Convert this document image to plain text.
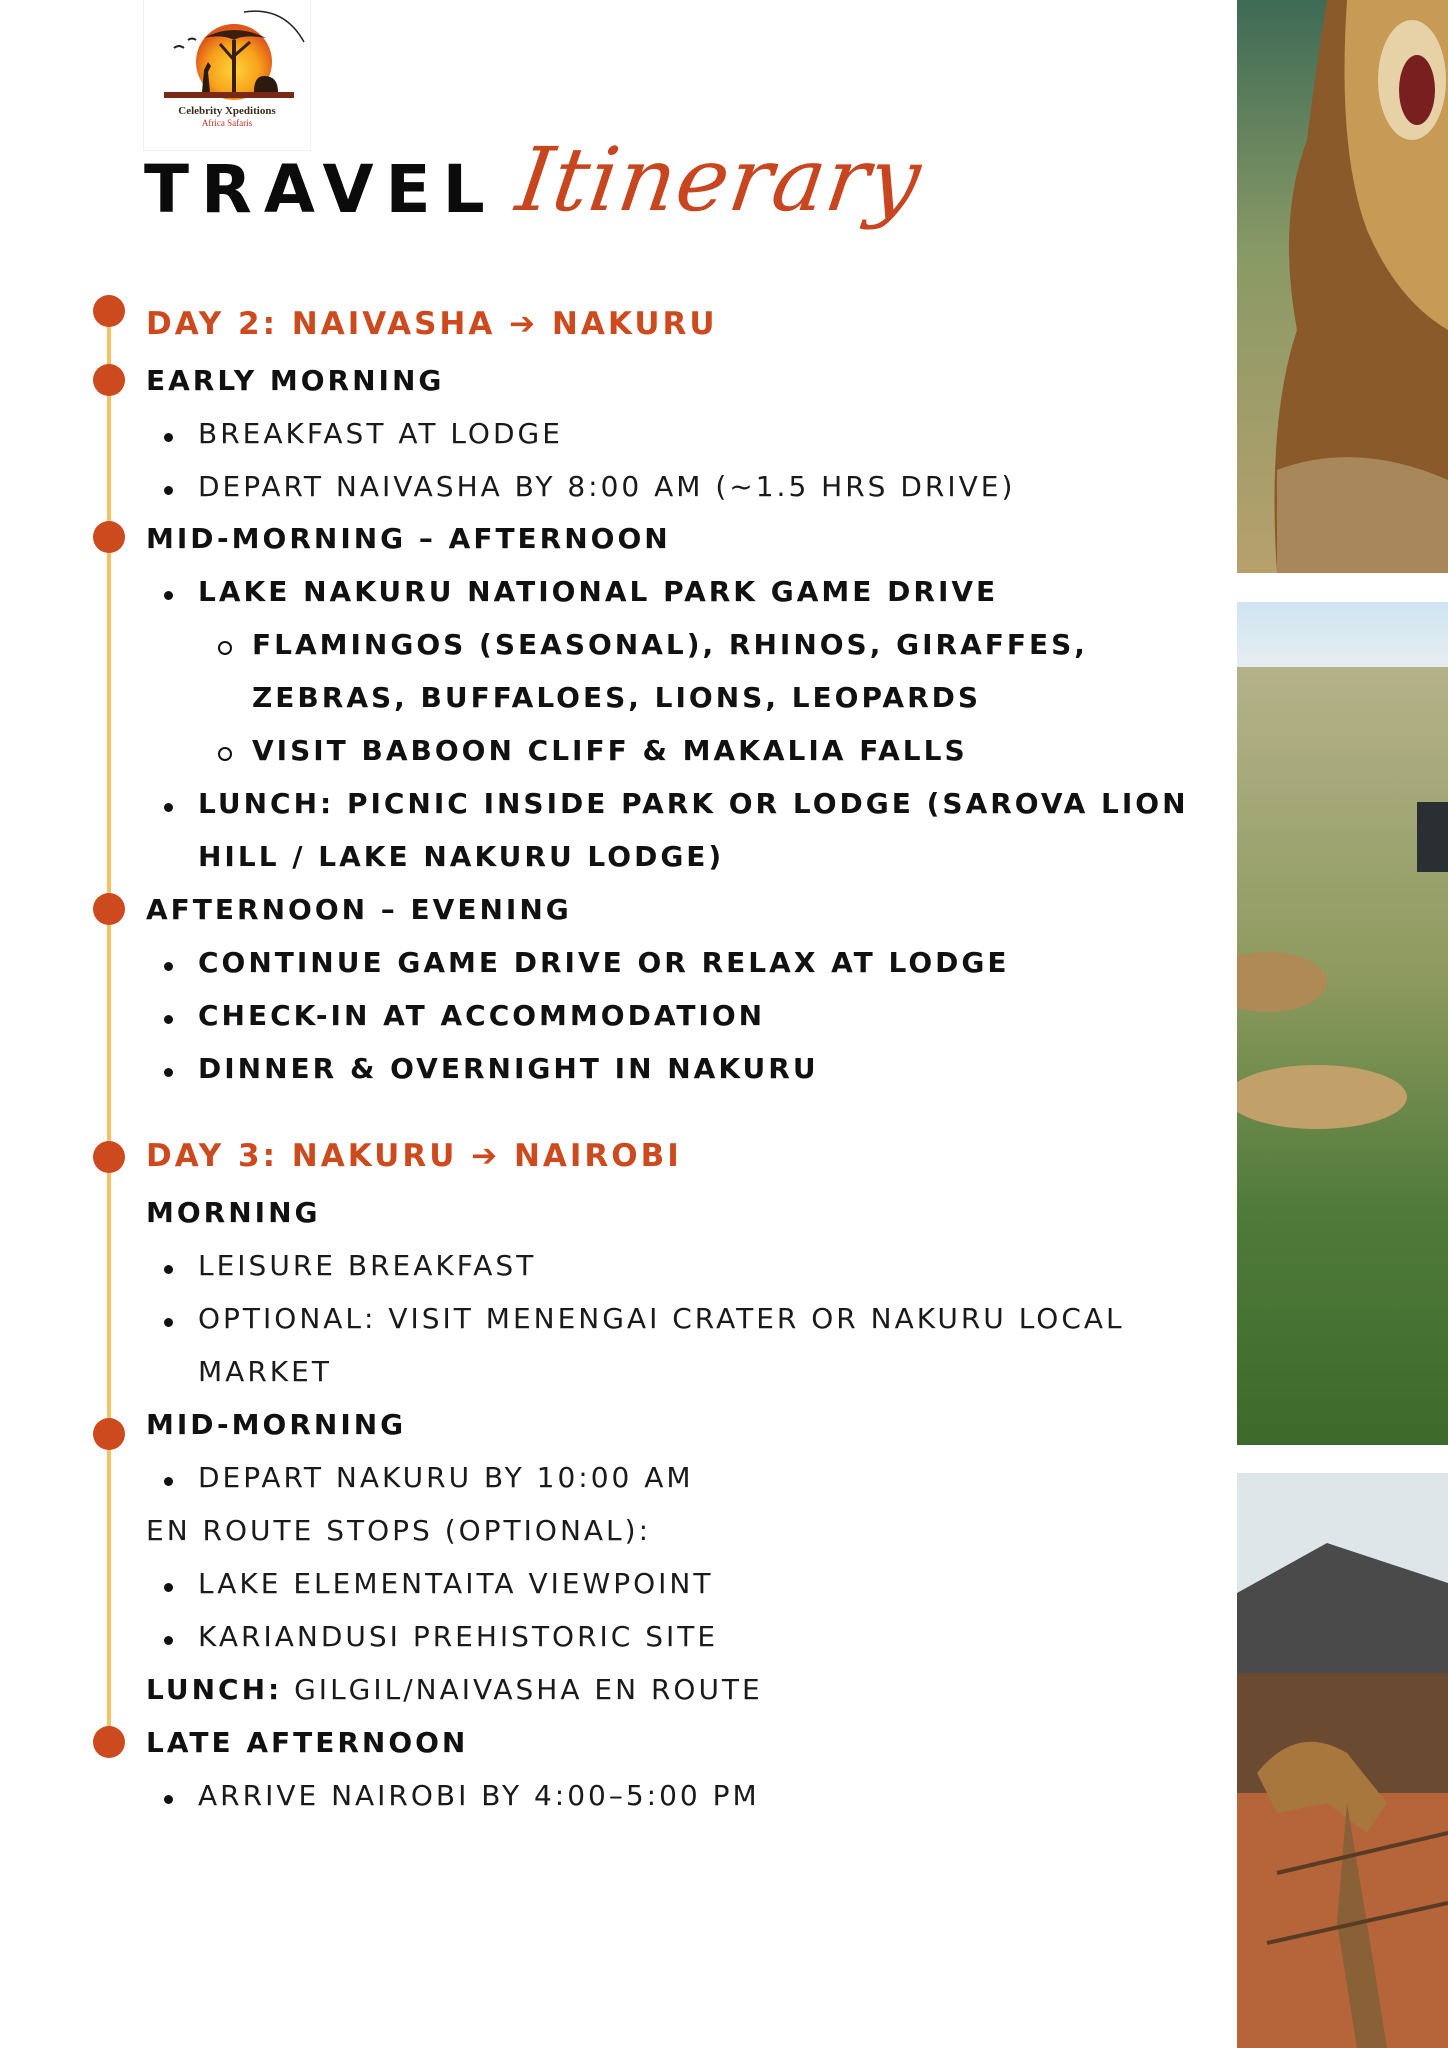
Celebrity Xpeditions
Africa Safaris
TRAVEL Itinerary
DAY 2: NAIVASHA ➔ NAKURU
EARLY MORNING
BREAKFAST AT LODGE
DEPART NAIVASHA BY 8:00 AM (~1.5 HRS DRIVE)
MID-MORNING – AFTERNOON
LAKE NAKURU NATIONAL PARK GAME DRIVE
FLAMINGOS (SEASONAL), RHINOS, GIRAFFES,
ZEBRAS, BUFFALOES, LIONS, LEOPARDS
VISIT BABOON CLIFF & MAKALIA FALLS
LUNCH: PICNIC INSIDE PARK OR LODGE (SAROVA LION
HILL / LAKE NAKURU LODGE)
AFTERNOON – EVENING
CONTINUE GAME DRIVE OR RELAX AT LODGE
CHECK-IN AT ACCOMMODATION
DINNER & OVERNIGHT IN NAKURU
DAY 3: NAKURU ➔ NAIROBI
MORNING
LEISURE BREAKFAST
OPTIONAL: VISIT MENENGAI CRATER OR NAKURU LOCAL
MARKET
MID-MORNING
DEPART NAKURU BY 10:00 AM
EN ROUTE STOPS (OPTIONAL):
LAKE ELEMENTAITA VIEWPOINT
KARIANDUSI PREHISTORIC SITE
LUNCH: GILGIL/NAIVASHA EN ROUTE
LATE AFTERNOON
ARRIVE NAIROBI BY 4:00–5:00 PM
